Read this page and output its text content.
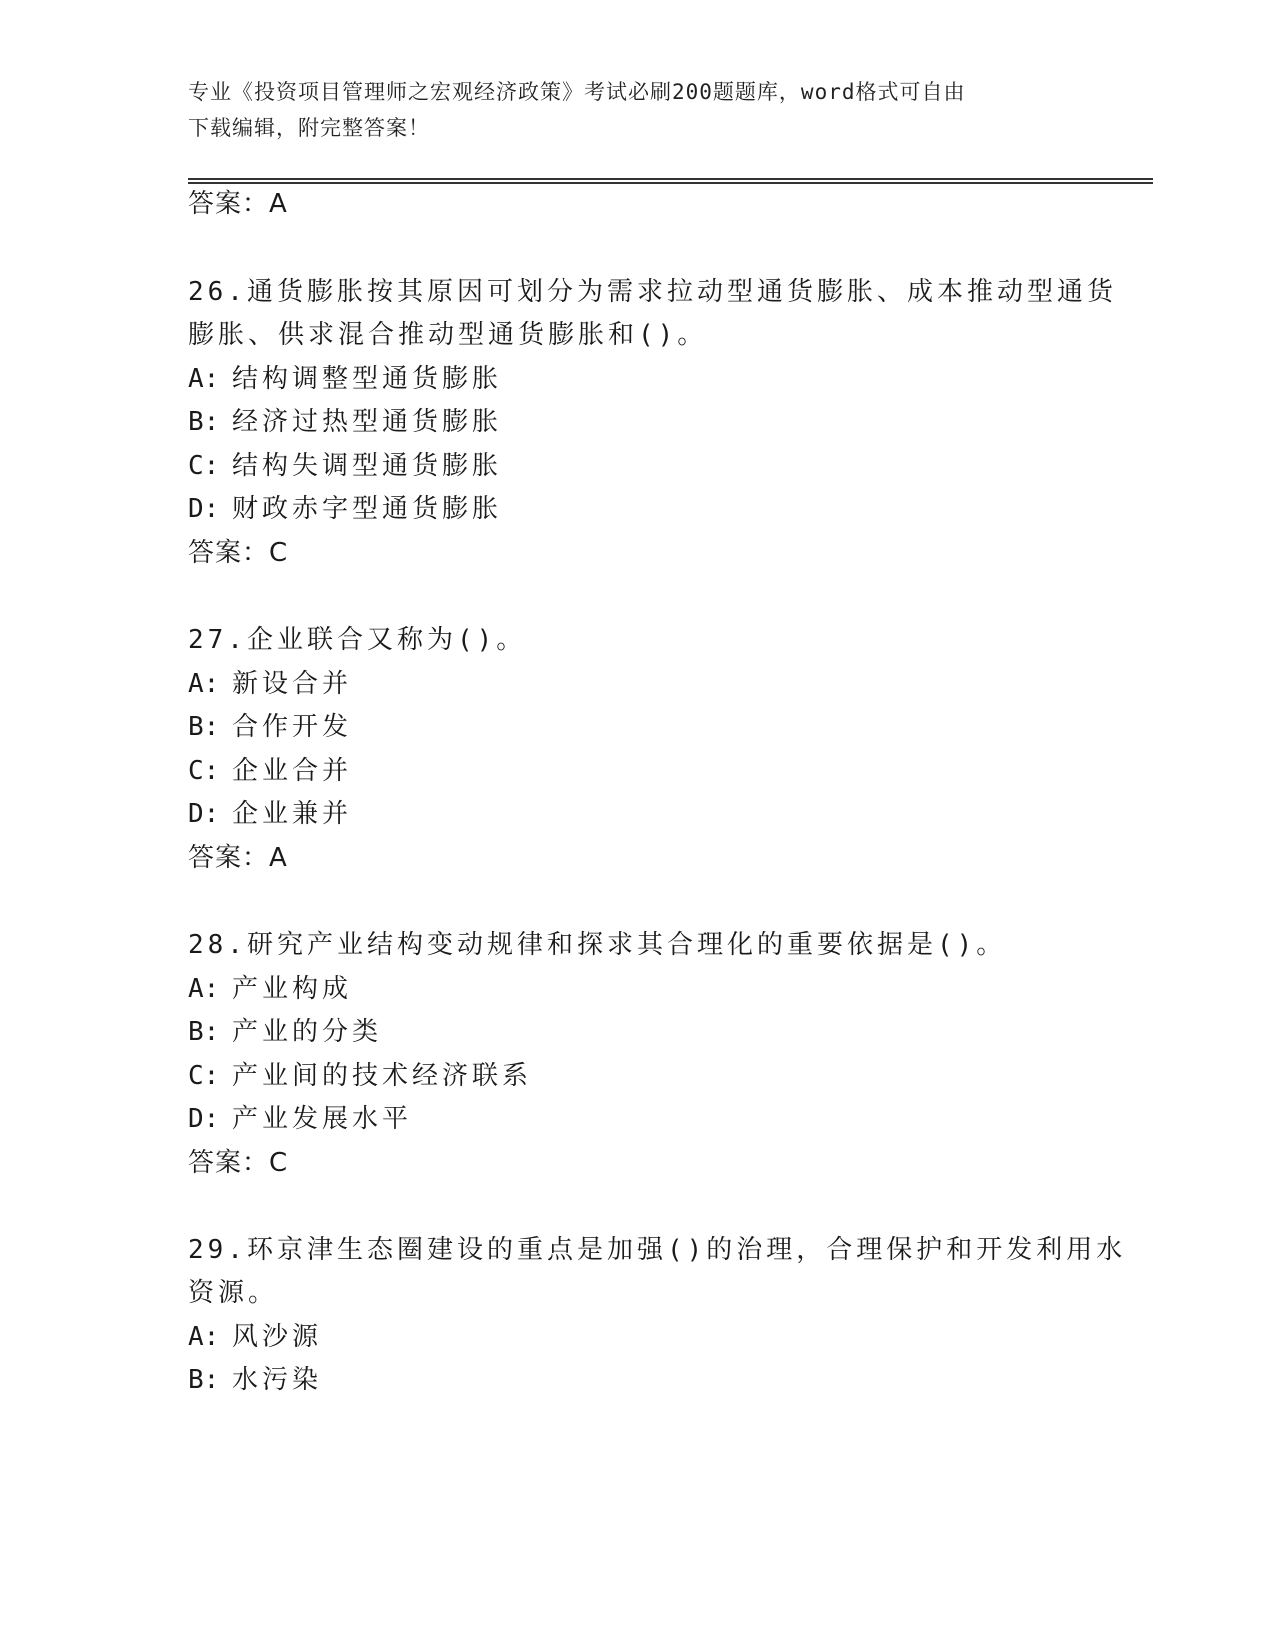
专业《投资项目管理师之宏观经济政策》考试必刷200题题库，word格式可自由
下载编辑，附完整答案！
答案：A
26.通货膨胀按其原因可划分为需求拉动型通货膨胀、成本推动型通货
膨胀、供求混合推动型通货膨胀和()。
A: 结构调整型通货膨胀
B: 经济过热型通货膨胀
C: 结构失调型通货膨胀
D: 财政赤字型通货膨胀
答案：C
27.企业联合又称为()。
A: 新设合并
B: 合作开发
C: 企业合并
D: 企业兼并
答案：A
28.研究产业结构变动规律和探求其合理化的重要依据是()。
A: 产业构成
B: 产业的分类
C: 产业间的技术经济联系
D: 产业发展水平
答案：C
29.环京津生态圈建设的重点是加强()的治理，合理保护和开发利用水
资源。
A: 风沙源
B: 水污染
